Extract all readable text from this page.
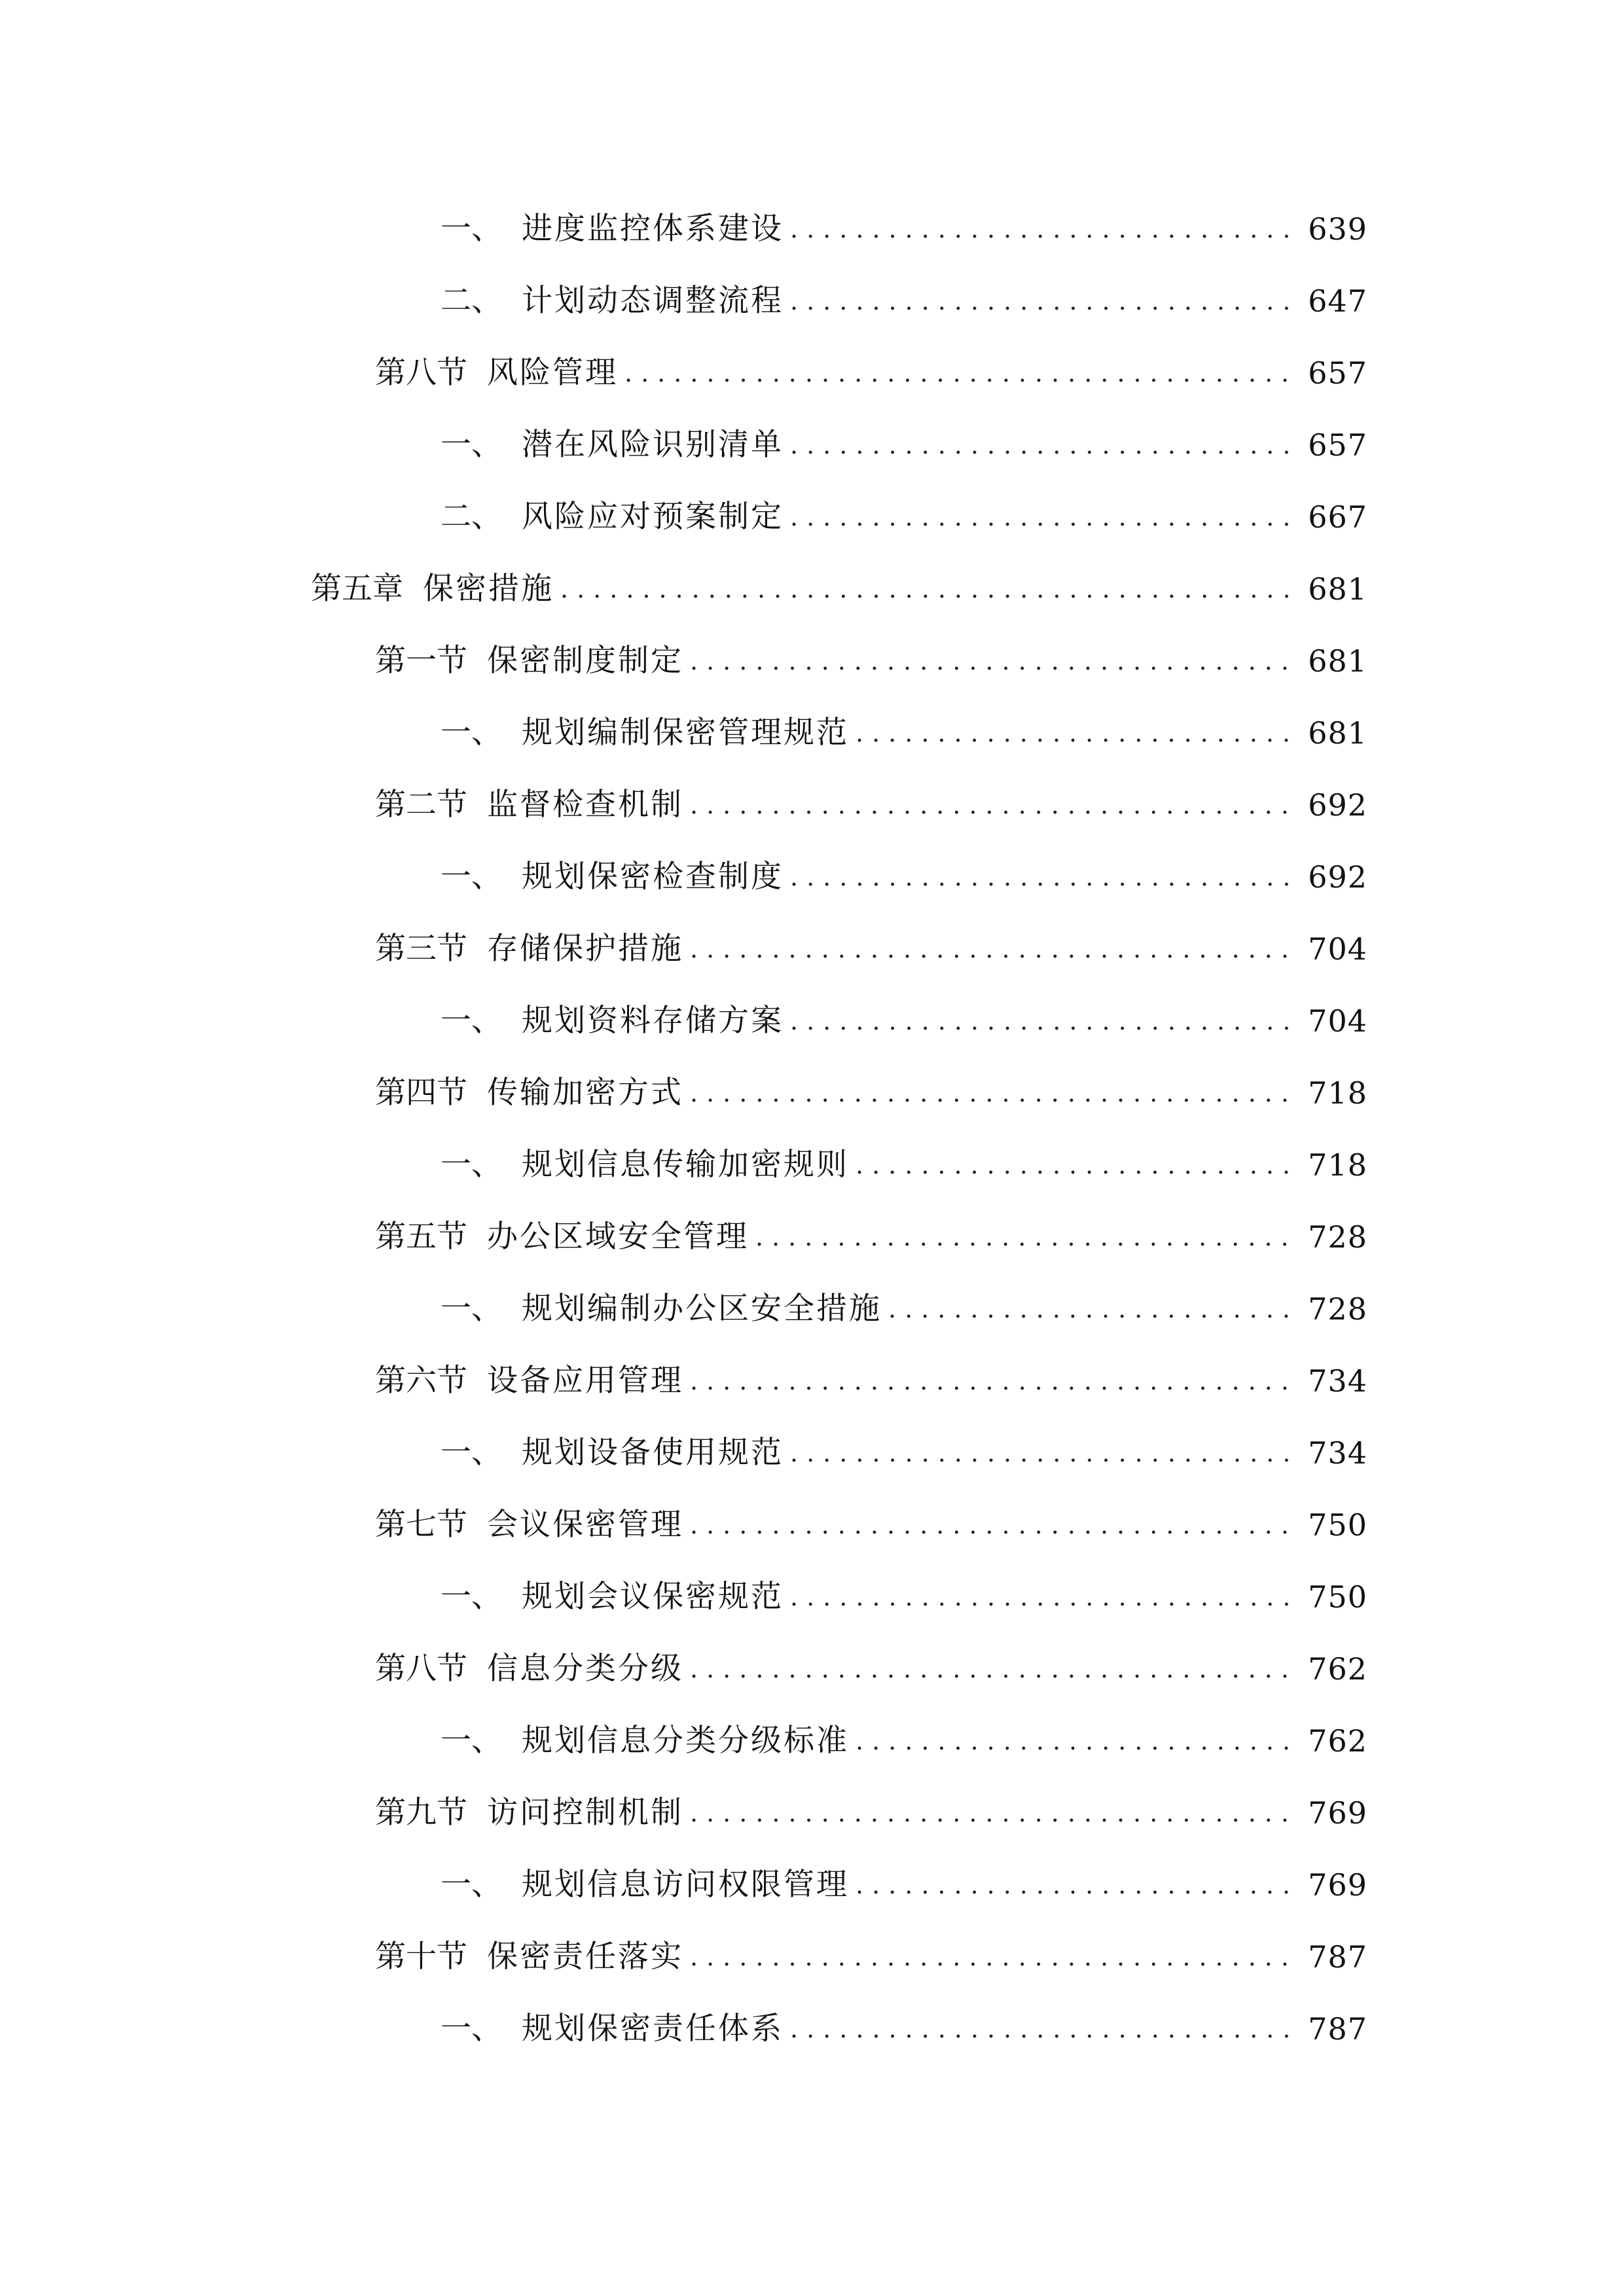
一、 进度监控体系建设 .....	639
二、 计划动态调整流程 .....	647
第八节 风险管理 .....	657
一、 潜在风险识别清单 .....	657
二、 风险应对预案制定 .....	667
第五章 保密措施 .....	681
第一节 保密制度制定 .....	681
一、 规划编制保密管理规范 .....	681
第二节 监督检查机制 .....	692
一、 规划保密检查制度 .....	692
第三节 存储保护措施 .....	704
一、 规划资料存储方案 .....	704
第四节 传输加密方式 .....	718
一、 规划信息传输加密规则 .....	718
第五节 办公区域安全管理 .....	728
一、 规划编制办公区安全措施 .....	728
第六节 设备应用管理 .....	734
一、 规划设备使用规范 .....	734
第七节 会议保密管理 .....	750
一、 规划会议保密规范 .....	750
第八节 信息分类分级 .....	762
一、 规划信息分类分级标准 .....	762
第九节 访问控制机制 .....	769
一、 规划信息访问权限管理 .....	769
第十节 保密责任落实 .....	787
一、 规划保密责任体系 .....	787
